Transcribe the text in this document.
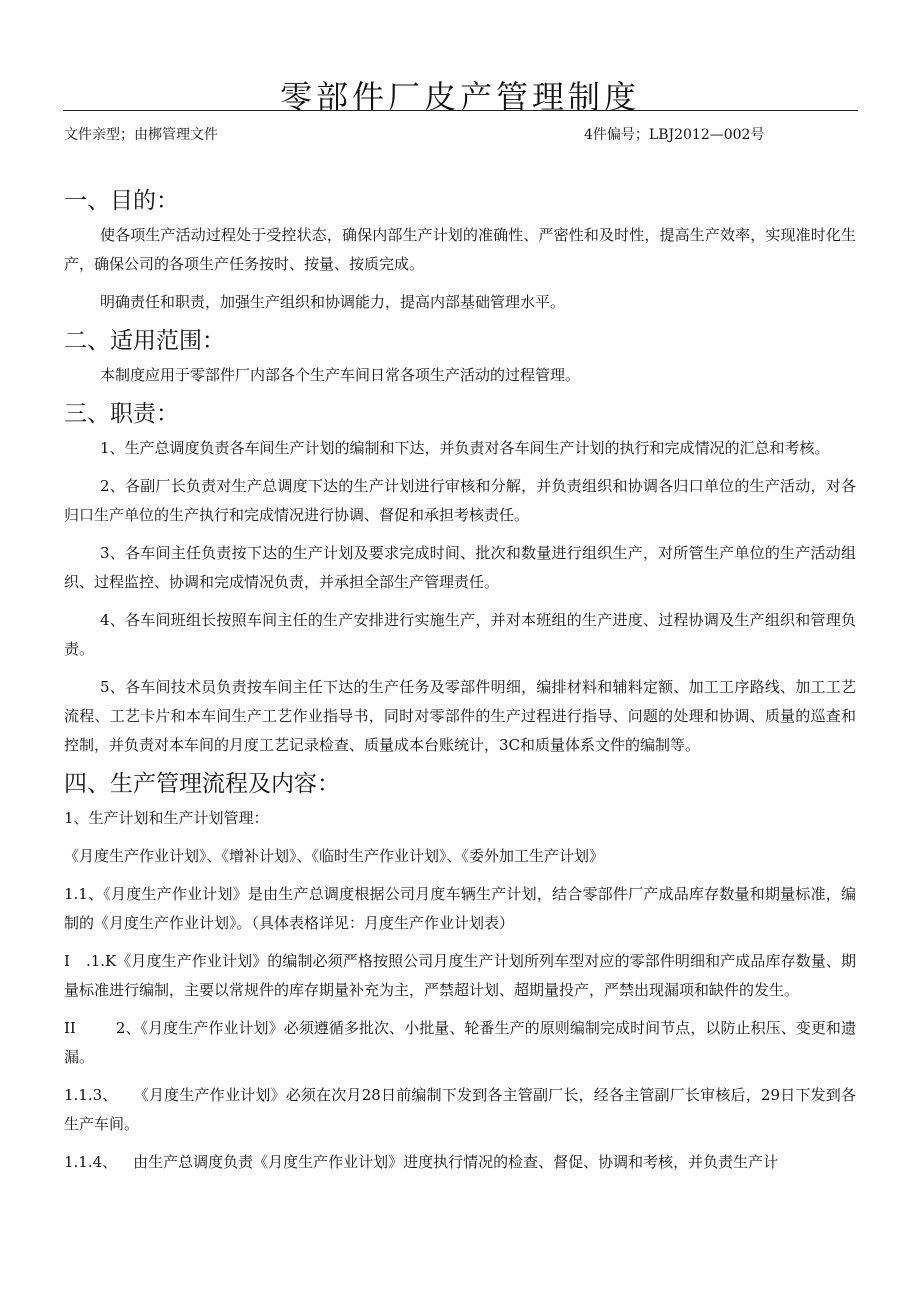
零部件厂皮产管理制度
文件亲型；由梆管理文件	4件偏号；LBJ2012—002号
一、目的：

使各项生产活动过程处于受控状态，确保内部生产计划的准确性、严密性和及时性，提高生产效率，实现准时化生产，确保公司的各项生产任务按时、按量、按质完成。

明确责任和职责，加强生产组织和协调能力，提高内部基础管理水平。

二、适用范围：

本制度应用于零部件厂内部各个生产车间日常各项生产活动的过程管理。

三、职责：

1、生产总调度负责各车间生产计划的编制和下达，并负责对各车间生产计划的执行和完成情况的汇总和考核。

2、各副厂长负责对生产总调度下达的生产计划进行审核和分解，并负责组织和协调各归口单位的生产活动，对各归口生产单位的生产执行和完成情况进行协调、督促和承担考核责任。

3、各车间主任负责按下达的生产计划及要求完成时间、批次和数量进行组织生产，对所管生产单位的生产活动组织、过程监控、协调和完成情况负责，并承担全部生产管理责任。

4、各车间班组长按照车间主任的生产安排进行实施生产，并对本班组的生产进度、过程协调及生产组织和管理负责。

5、各车间技术员负责按车间主任下达的生产任务及零部件明细，编排材料和辅料定额、加工工序路线、加工工艺流程、工艺卡片和本车间生产工艺作业指导书，同时对零部件的生产过程进行指导、问题的处理和协调、质量的巡查和控制，并负责对本车间的月度工艺记录检查、质量成本台账统计，3C和质量体系文件的编制等。

四、生产管理流程及内容：

1、生产计划和生产计划管理：

《月度生产作业计划》、《增补计划》、《临时生产作业计划》、《委外加工生产计划》

1.1、《月度生产作业计划》是由生产总调度根据公司月度车辆生产计划，结合零部件厂产成品库存数量和期量标准，编制的《月度生产作业计划》。（具体表格详见：月度生产作业计划表）

I .1.K《月度生产作业计划》的编制必须严格按照公司月度生产计划所列车型对应的零部件明细和产成品库存数量、期量标准进行编制，主要以常规件的库存期量补充为主，严禁超计划、超期量投产，严禁出现漏项和缺件的发生。

II	2、《月度生产作业计划》必须遵循多批次、小批量、轮番生产的原则编制完成时间节点，以防止积压、变更和遗漏。

1.1.3、 《月度生产作业计划》必须在次月28日前编制下发到各主管副厂长，经各主管副厂长审核后，29日下发到各生产车间。

1.1.4、 由生产总调度负责《月度生产作业计划》进度执行情况的检查、督促、协调和考核，并负责生产计
